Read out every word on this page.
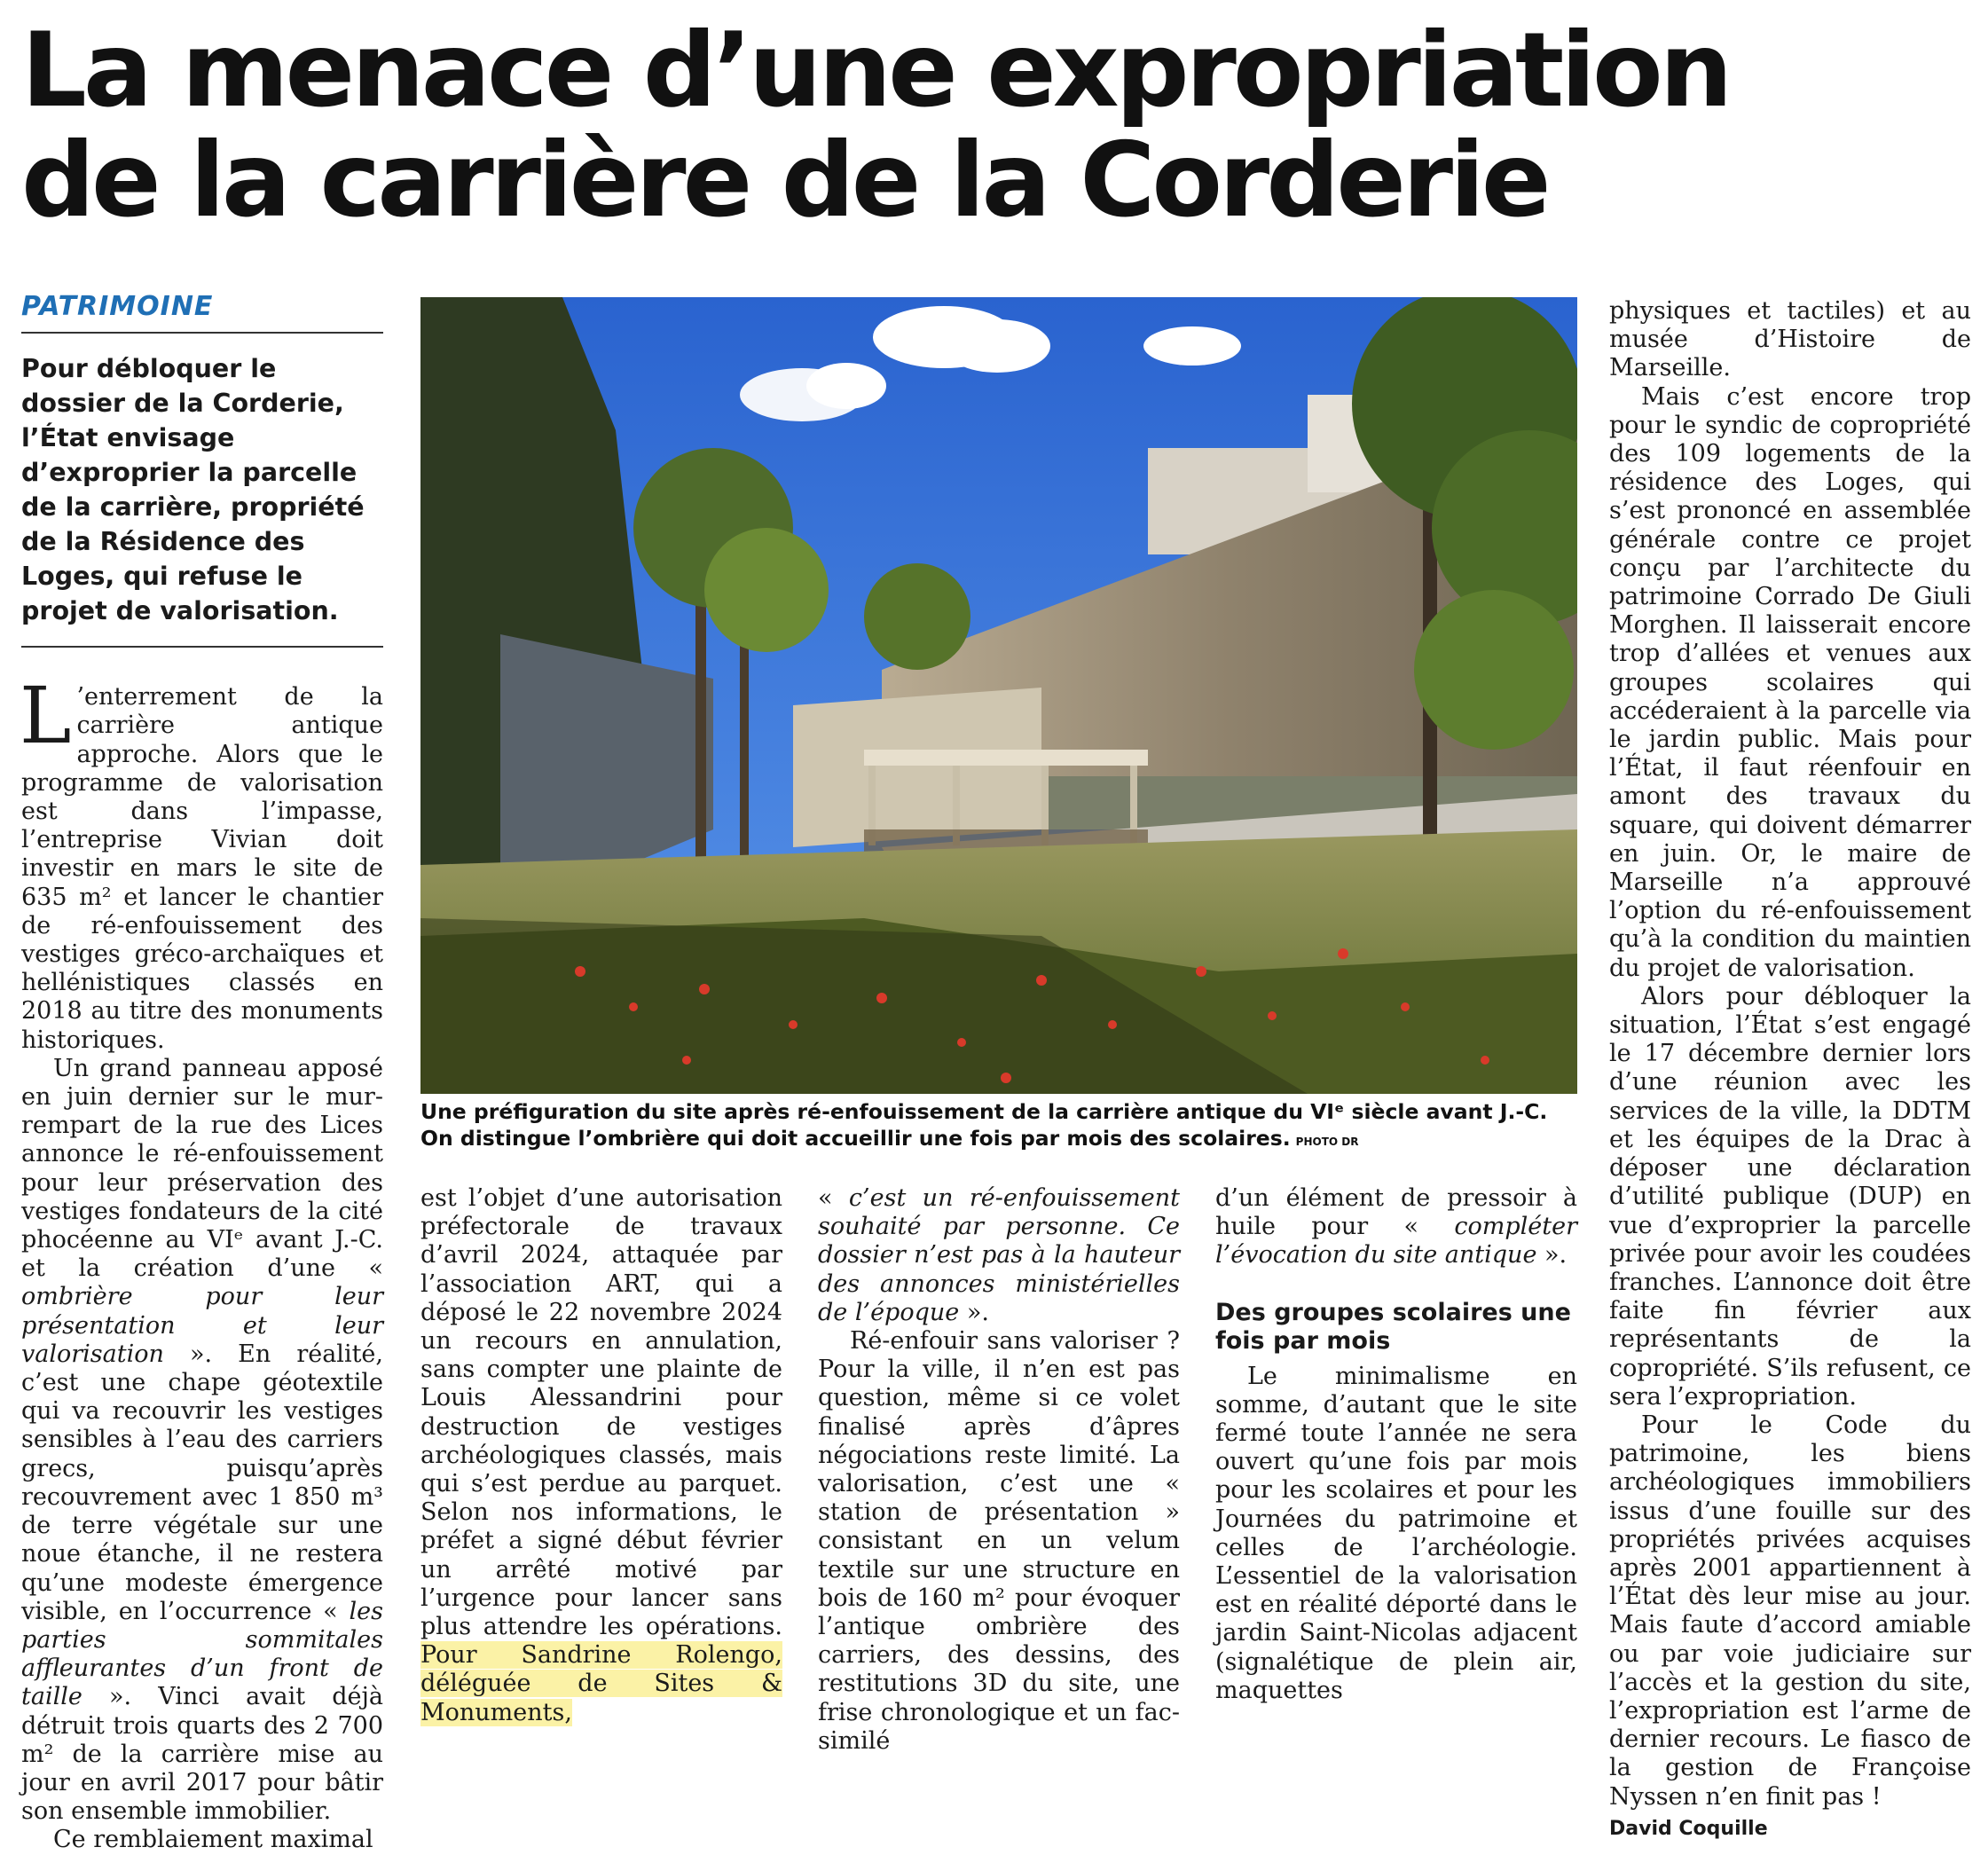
La menace d’une expropriation
de la carrière de la Corderie
PATRIMOINE
Pour débloquer le dossier de la Corderie, l’État envisage d’exproprier la parcelle de la carrière, propriété de la Résidence des Loges, qui refuse le projet de valorisation.

L ’enterrement de la carrière antique approche. Alors que le programme de valorisation est dans l’impasse, l’entreprise Vivian doit investir en mars le site de 635 m² et lancer le chantier de ré-enfouissement des vestiges gréco-archaïques et hellénistiques classés en 2018 au titre des monuments historiques.

Un grand panneau apposé en juin dernier sur le mur-rempart de la rue des Lices annonce le ré-enfouissement pour leur préservation des vestiges fondateurs de la cité phocéenne au VIᵉ avant J.-C. et la création d’une « ombrière pour leur présentation et leur valorisation ». En réalité, c’est une chape géotextile qui va recouvrir les vestiges sensibles à l’eau des carriers grecs, puisqu’après recouvrement avec 1 850 m³ de terre végétale sur une noue étanche, il ne restera qu’une modeste émergence visible, en l’occurrence « les parties sommitales affleurantes d’un front de taille ». Vinci avait déjà détruit trois quarts des 2 700 m² de la carrière mise au jour en avril 2017 pour bâtir son ensemble immobilier.

Ce remblaiement maximal

Une préfiguration du site après ré-enfouissement de la carrière antique du VIᵉ siècle avant J.-C. On distingue l’ombrière qui doit accueillir une fois par mois des scolaires. PHOTO DR

est l’objet d’une autorisation préfectorale de travaux d’avril 2024, attaquée par l’association ART, qui a déposé le 22 novembre 2024 un recours en annulation, sans compter une plainte de Louis Alessandrini pour destruction de vestiges archéologiques classés, mais qui s’est perdue au parquet. Selon nos informations, le préfet a signé début février un arrêté motivé par l’urgence pour lancer sans plus attendre les opérations. Pour Sandrine Rolengo, déléguée de Sites & Monuments,

« c’est un ré-enfouissement souhaité par personne. Ce dossier n’est pas à la hauteur des annonces ministérielles de l’époque ».

Ré-enfouir sans valoriser ? Pour la ville, il n’en est pas question, même si ce volet finalisé après d’âpres négociations reste limité. La valorisation, c’est une « station de présentation » consistant en un velum textile sur une structure en bois de 160 m² pour évoquer l’antique ombrière des carriers, des dessins, des restitutions 3D du site, une frise chronologique et un fac-similé

d’un élément de pressoir à huile pour « compléter l’évocation du site antique ».

Des groupes scolaires une fois par mois

Le minimalisme en somme, d’autant que le site fermé toute l’année ne sera ouvert qu’une fois par mois pour les scolaires et pour les Journées du patrimoine et celles de l’archéologie. L’essentiel de la valorisation est en réalité déporté dans le jardin Saint-Nicolas adjacent (signalétique de plein air, maquettes

physiques et tactiles) et au musée d’Histoire de Marseille.

Mais c’est encore trop pour le syndic de copropriété des 109 logements de la résidence des Loges, qui s’est prononcé en assemblée générale contre ce projet conçu par l’architecte du patrimoine Corrado De Giuli Morghen. Il laisserait encore trop d’allées et venues aux groupes scolaires qui accéderaient à la parcelle via le jardin public. Mais pour l’État, il faut réenfouir en amont des travaux du square, qui doivent démarrer en juin. Or, le maire de Marseille n’a approuvé l’option du ré-enfouissement qu’à la condition du maintien du projet de valorisation.

Alors pour débloquer la situation, l’État s’est engagé le 17 décembre dernier lors d’une réunion avec les services de la ville, la DDTM et les équipes de la Drac à déposer une déclaration d’utilité publique (DUP) en vue d’exproprier la parcelle privée pour avoir les coudées franches. L’annonce doit être faite fin février aux représentants de la copropriété. S’ils refusent, ce sera l’expropriation.

Pour le Code du patrimoine, les biens archéologiques immobiliers issus d’une fouille sur des propriétés privées acquises après 2001 appartiennent à l’État dès leur mise au jour. Mais faute d’accord amiable ou par voie judiciaire sur l’accès et la gestion du site, l’expropriation est l’arme de dernier recours. Le fiasco de la gestion de Françoise Nyssen n’en finit pas !

David Coquille
